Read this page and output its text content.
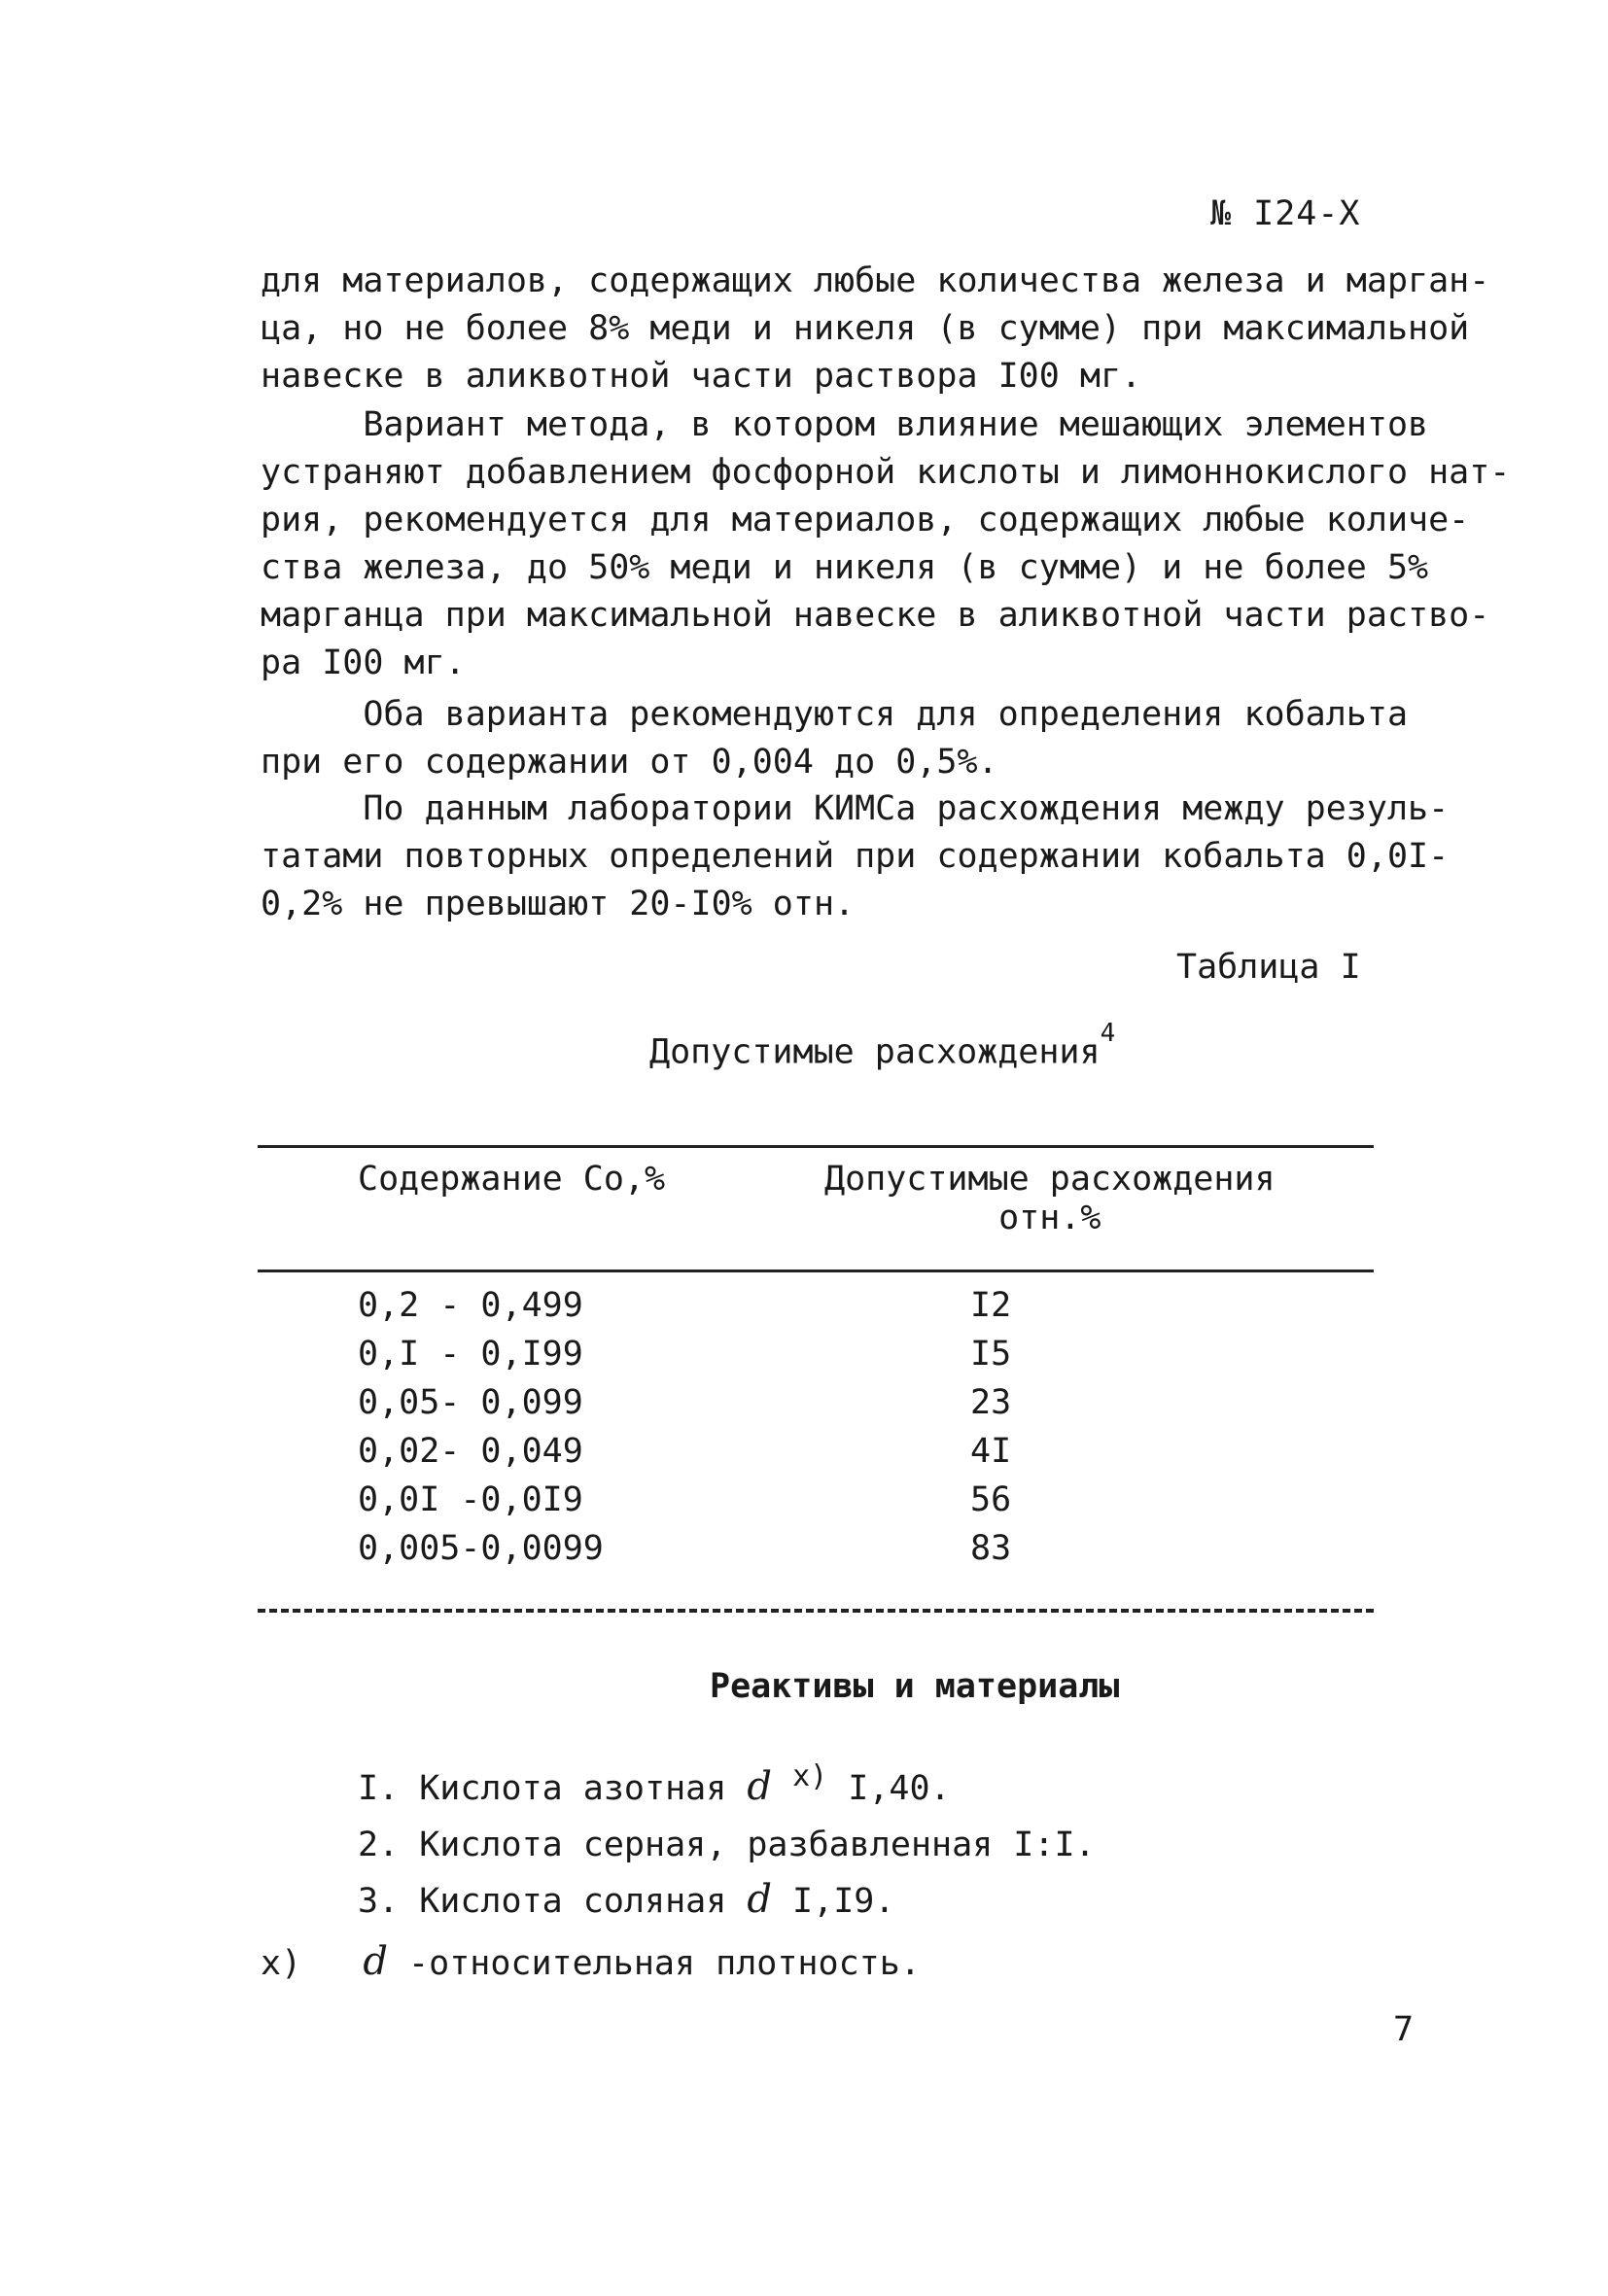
№ I24-X

для материалов, содержащих любые количества железа и марган-
ца, но не более 8% меди и никеля (в сумме) при максимальной
навеске в аликвотной части раствора I00 мг.

Вариант метода, в котором влияние мешающих элементов
устраняют добавлением фосфорной кислоты и лимоннокислого нат-
рия, рекомендуется для материалов, содержащих любые количе-
ства железа, до 50% меди и никеля (в сумме) и не более 5%
марганца при максимальной навеске в аликвотной части раство-
ра I00 мг.

Оба варианта рекомендуются для определения кобальта
при его содержании от 0,004 до 0,5%.

По данным лаборатории КИМСа расхождения между резуль-
татами повторных определений при содержании кобальта 0,0I-
0,2% не превышают 20-I0% отн.

Таблица I
Допустимые расхождения$^4$
Содержание Co,%	Допустимые расхождения
отн.%
0,2 - 0,499	I2
0,I - 0,I99	I5
0,05- 0,099	23
0,02- 0,049	4I
0,0I -0,0I9	56
0,005-0,0099	83
Реактивы и материалы
I. Кислота азотная d x) I,40.
2. Кислота серная, разбавленная I:I.
3. Кислота соляная d I,I9.
x) d -относительная плотность.
7
